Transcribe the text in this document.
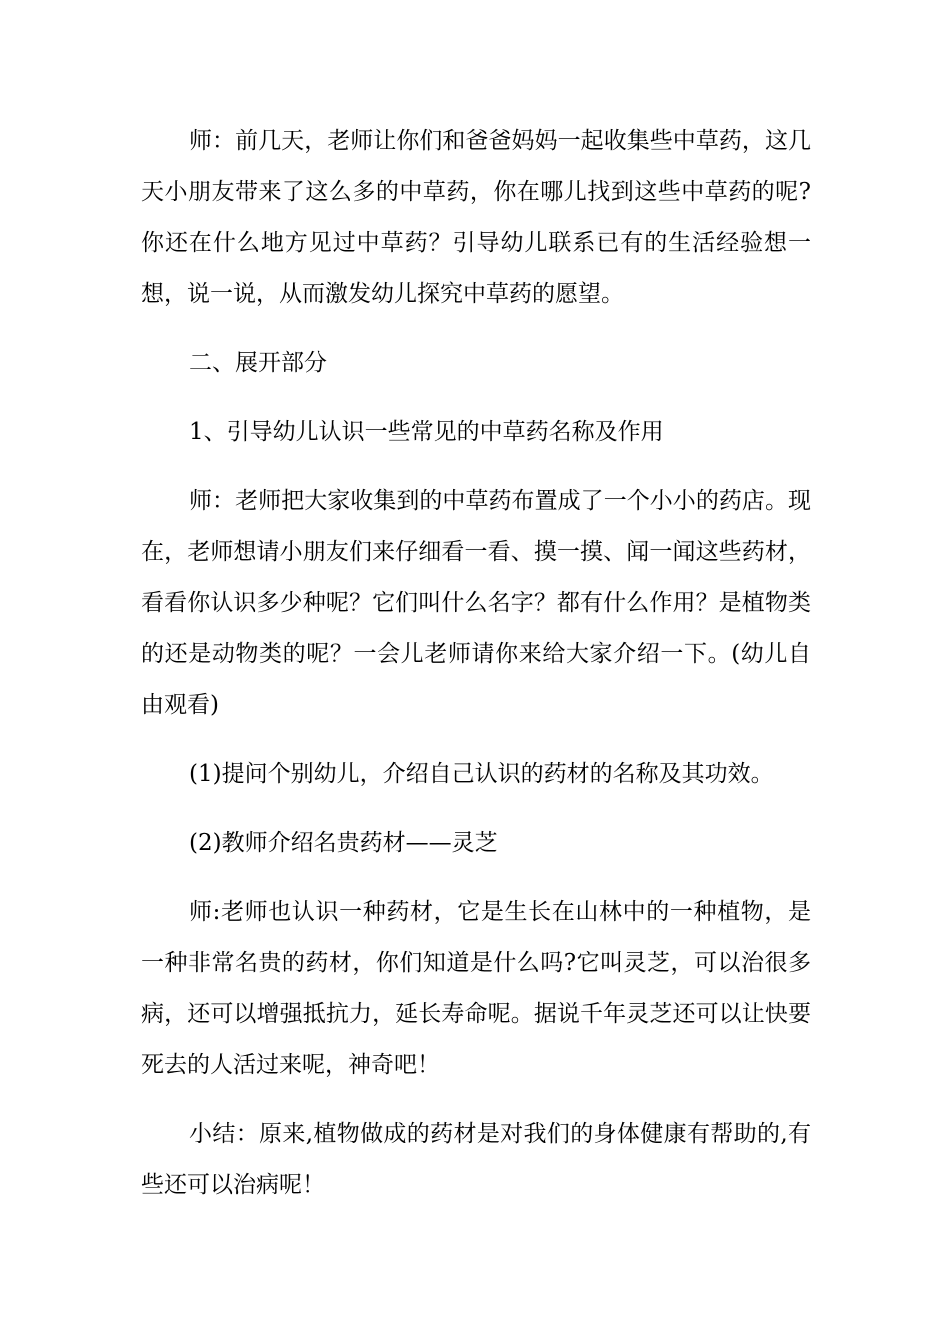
师：前几天，老师让你们和爸爸妈妈一起收集些中草药，这几天小朋友带来了这么多的中草药，你在哪儿找到这些中草药的呢?你还在什么地方见过中草药？引导幼儿联系已有的生活经验想一想，说一说，从而激发幼儿探究中草药的愿望。

二、展开部分

1、引导幼儿认识一些常见的中草药名称及作用

师：老师把大家收集到的中草药布置成了一个小小的药店。现在，老师想请小朋友们来仔细看一看、摸一摸、闻一闻这些药材，看看你认识多少种呢？它们叫什么名字？都有什么作用？是植物类的还是动物类的呢？一会儿老师请你来给大家介绍一下。(幼儿自由观看)

(1)提问个别幼儿，介绍自己认识的药材的名称及其功效。

(2)教师介绍名贵药材——灵芝

师:老师也认识一种药材，它是生长在山林中的一种植物，是一种非常名贵的药材，你们知道是什么吗?它叫灵芝，可以治很多病，还可以增强抵抗力，延长寿命呢。据说千年灵芝还可以让快要死去的人活过来呢，神奇吧！

小结：原来,植物做成的药材是对我们的身体健康有帮助的,有些还可以治病呢！
